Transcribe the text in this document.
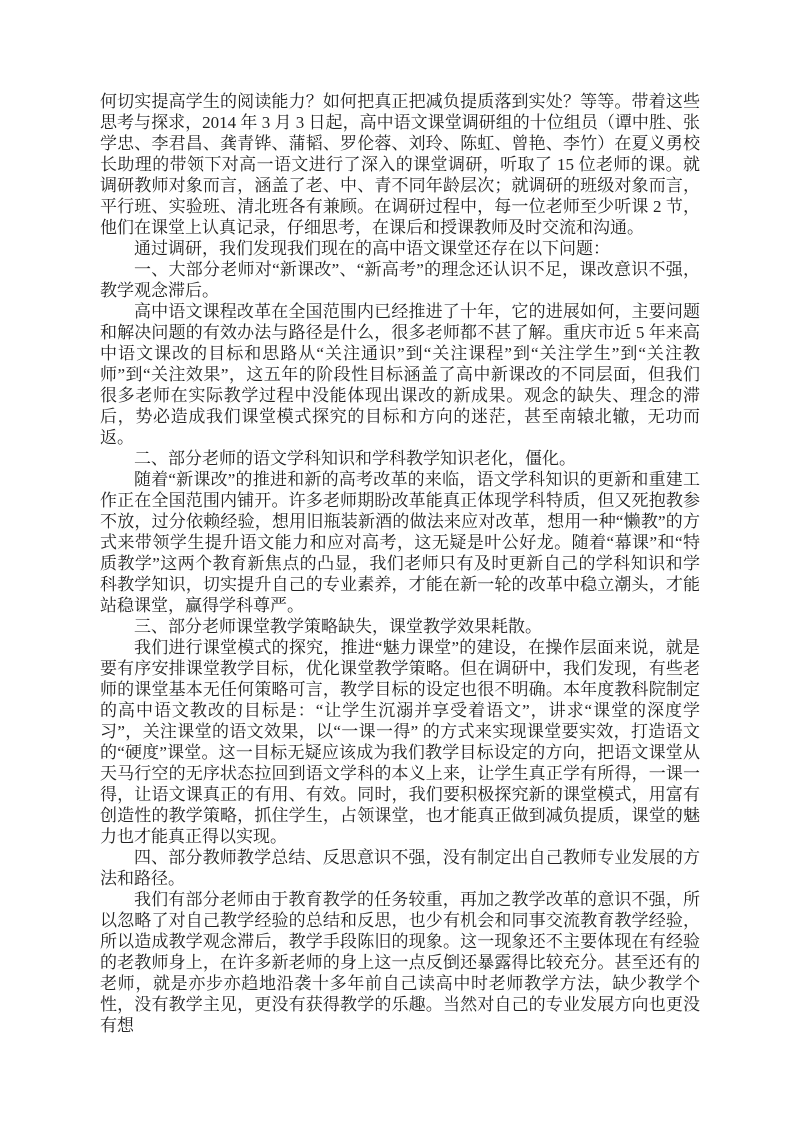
何切实提高学生的阅读能力？如何把真正把减负提质落到实处？等等。带着这些思考与探求，2014 年 3 月 3 日起，高中语文课堂调研组的十位组员（谭中胜、张学忠、李君昌、龚青铧、蒲韬、罗伦蓉、刘玲、陈虹、曾艳、李竹）在夏义勇校长助理的带领下对高一语文进行了深入的课堂调研，听取了 15 位老师的课。就调研教师对象而言，涵盖了老、中、青不同年龄层次；就调研的班级对象而言，平行班、实验班、清北班各有兼顾。在调研过程中，每一位老师至少听课 2 节，他们在课堂上认真记录，仔细思考，在课后和授课教师及时交流和沟通。

通过调研，我们发现我们现在的高中语文课堂还存在以下问题：

一、大部分老师对“新课改”、“新高考”的理念还认识不足，课改意识不强，教学观念滞后。

高中语文课程改革在全国范围内已经推进了十年，它的进展如何，主要问题和解决问题的有效办法与路径是什么，很多老师都不甚了解。重庆市近 5 年来高中语文课改的目标和思路从“关注通识”到“关注课程”到“关注学生”到“关注教师”到“关注效果”，这五年的阶段性目标涵盖了高中新课改的不同层面，但我们很多老师在实际教学过程中没能体现出课改的新成果。观念的缺失、理念的滞后，势必造成我们课堂模式探究的目标和方向的迷茫，甚至南辕北辙，无功而返。

二、部分老师的语文学科知识和学科教学知识老化，僵化。

随着“新课改”的推进和新的高考改革的来临，语文学科知识的更新和重建工作正在全国范围内铺开。许多老师期盼改革能真正体现学科特质，但又死抱教参不放，过分依赖经验，想用旧瓶装新酒的做法来应对改革，想用一种“懒教”的方式来带领学生提升语文能力和应对高考，这无疑是叶公好龙。随着“幕课”和“特质教学”这两个教育新焦点的凸显，我们老师只有及时更新自己的学科知识和学科教学知识，切实提升自己的专业素养，才能在新一轮的改革中稳立潮头，才能站稳课堂，赢得学科尊严。

三、部分老师课堂教学策略缺失，课堂教学效果耗散。

我们进行课堂模式的探究，推进“魅力课堂”的建设，在操作层面来说，就是要有序安排课堂教学目标，优化课堂教学策略。但在调研中，我们发现，有些老师的课堂基本无任何策略可言，教学目标的设定也很不明确。本年度教科院制定的高中语文教改的目标是：“让学生沉溺并享受着语文”，讲求“课堂的深度学习”，关注课堂的语文效果，以“一课一得” 的方式来实现课堂要实效，打造语文的“硬度”课堂。这一目标无疑应该成为我们教学目标设定的方向，把语文课堂从天马行空的无序状态拉回到语文学科的本义上来，让学生真正学有所得，一课一得，让语文课真正的有用、有效。同时，我们要积极探究新的课堂模式，用富有创造性的教学策略，抓住学生，占领课堂，也才能真正做到减负提质，课堂的魅力也才能真正得以实现。

四、部分教师教学总结、反思意识不强，没有制定出自己教师专业发展的方法和路径。

我们有部分老师由于教育教学的任务较重，再加之教学改革的意识不强，所以忽略了对自己教学经验的总结和反思，也少有机会和同事交流教育教学经验，所以造成教学观念滞后，教学手段陈旧的现象。这一现象还不主要体现在有经验的老教师身上，在许多新老师的身上这一点反倒还暴露得比较充分。甚至还有的老师，就是亦步亦趋地沿袭十多年前自己读高中时老师教学方法，缺少教学个性，没有教学主见，更没有获得教学的乐趣。当然对自己的专业发展方向也更没有想
